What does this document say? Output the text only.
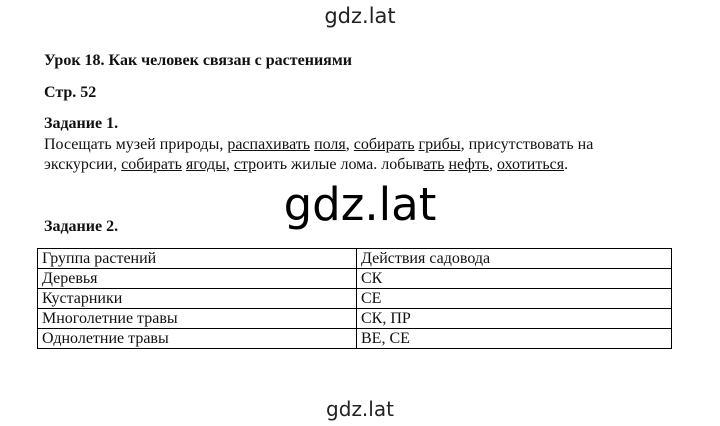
gdz.lat
Урок 18. Как человек связан с растениями
Стр. 52
Задание 1.
Посещать музей природы, распахивать поля, собирать грибы, присутствовать на экскурсии, собирать ягоды, строить жилые лома. лобывать нефть, охотиться.
gdz.lat
Задание 2.
Группа растений	Действия садовода
Деревья	СК
Кустарники	СЕ
Многолетние травы	СК, ПР
Однолетние травы	ВЕ, СЕ
gdz.lat
